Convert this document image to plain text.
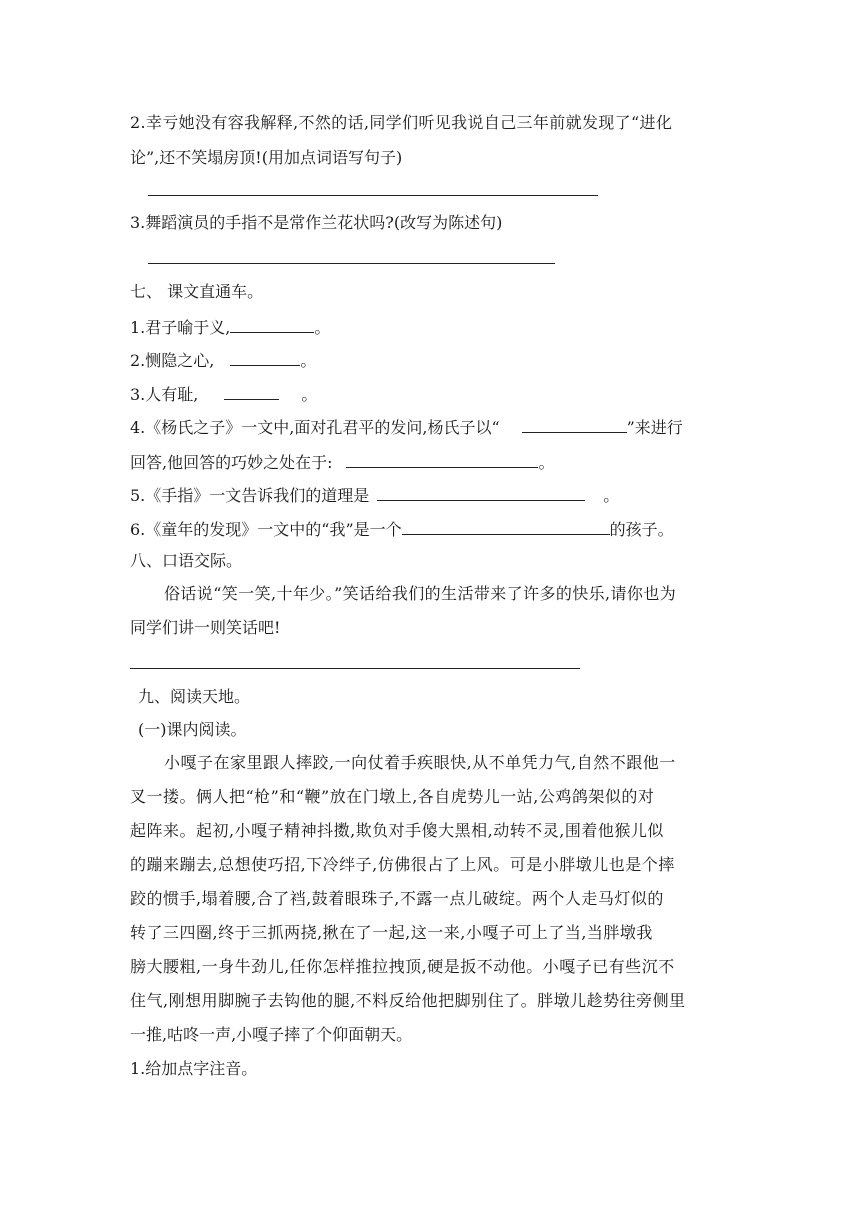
2.幸亏她没有容我解释,不然的话,同学们听见我说自己三年前就发现了“进化
论”,还不笑塌房顶!(用加点词语写句子)
3.舞蹈演员的手指不是常作兰花状吗?(改写为陈述句)
七、 课文直通车。
1.君子喻于义,	。
2.恻隐之心,	。
3.人有耻,	。
4.《杨氏之子》一文中,面对孔君平的发问,杨氏子以“	”来进行
回答,他回答的巧妙之处在于:	。
5.《手指》一文告诉我们的道理是	。
6.《童年的发现》一文中的“我”是一个	的孩子。
八、口语交际。
俗话说“笑一笑,十年少。”笑话给我们的生活带来了许多的快乐,请你也为
同学们讲一则笑话吧!
九、阅读天地。
(一)课内阅读。
小嘎子在家里跟人摔跤,一向仗着手疾眼快,从不单凭力气,自然不跟他一
叉一搂。俩人把“枪”和“鞭”放在门墩上,各自虎势儿一站,公鸡鸽架似的对
起阵来。起初,小嘎子精神抖擞,欺负对手傻大黑相,动转不灵,围着他猴儿似
的蹦来蹦去,总想使巧招,下冷绊子,仿佛很占了上风。可是小胖墩儿也是个摔
跤的惯手,塌着腰,合了裆,鼓着眼珠子,不露一点儿破绽。两个人走马灯似的
转了三四圈,终于三抓两挠,揪在了一起,这一来,小嘎子可上了当,当胖墩我
膀大腰粗,一身牛劲儿,任你怎样推拉拽顶,硬是扳不动他。小嘎子已有些沉不
住气,刚想用脚腕子去钩他的腿,不料反给他把脚别住了。胖墩儿趁势往旁侧里
一推,咕咚一声,小嘎子摔了个仰面朝天。
1.给加点字注音。
